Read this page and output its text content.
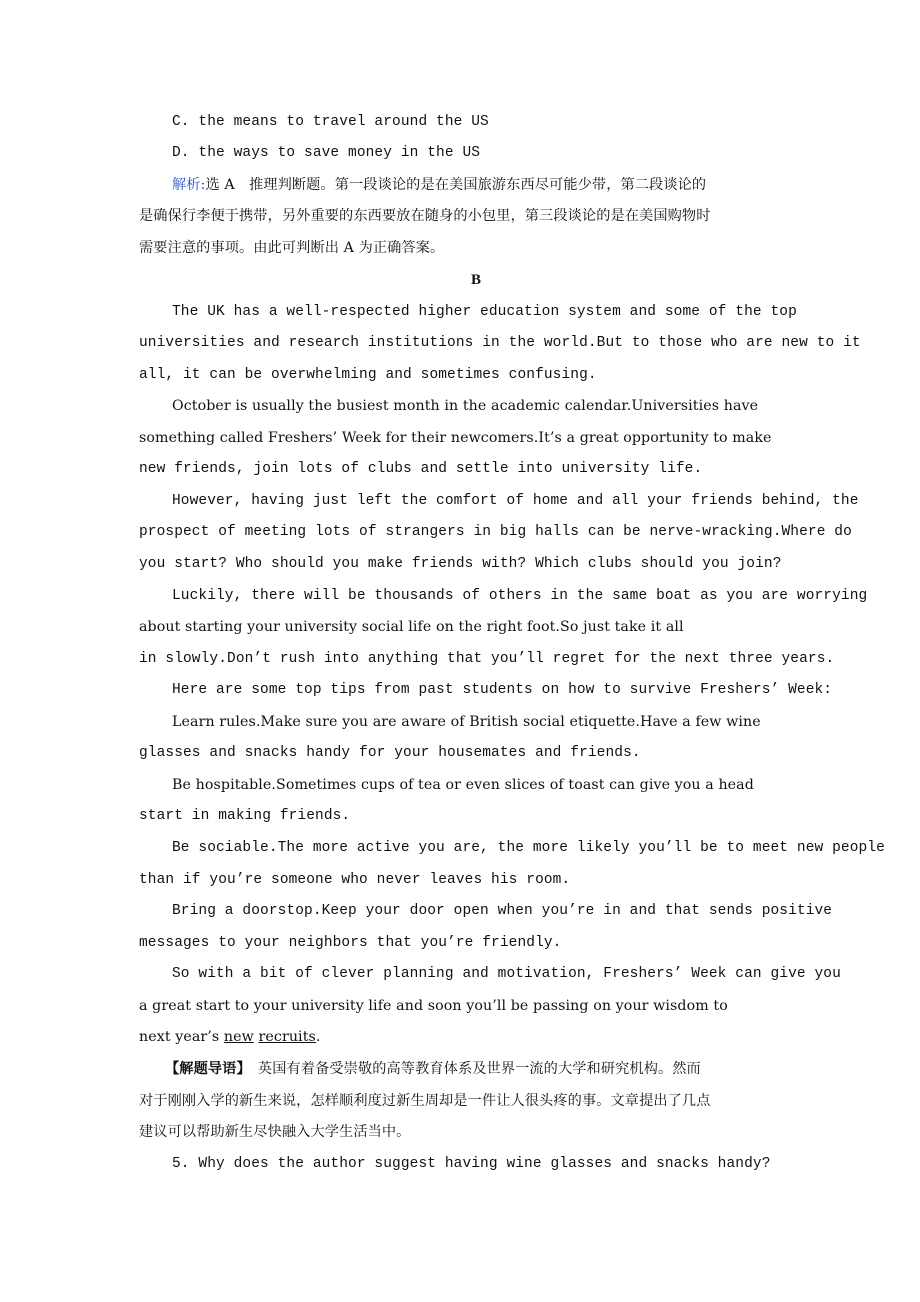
C. the means to travel around the US
D. the ways to save money in the US
解析:选 A　推理判断题。第一段谈论的是在美国旅游东西尽可能少带，第二段谈论的
是确保行李便于携带，另外重要的东西要放在随身的小包里，第三段谈论的是在美国购物时
需要注意的事项。由此可判断出 A 为正确答案。
B
The UK has a well-respected higher education system and some of the top
universities and research institutions in the world.But to those who are new to it
all, it can be overwhelming and sometimes confusing.
October is usually the busiest month in the academic calendar.Universities have
something called Freshers’ Week for their newcomers.It’s a great opportunity to make
new friends, join lots of clubs and settle into university life.
However, having just left the comfort of home and all your friends behind, the
prospect of meeting lots of strangers in big halls can be nerve-wracking.Where do
you start? Who should you make friends with? Which clubs should you join?
Luckily, there will be thousands of others in the same boat as you are worrying
about starting your university social life on the right foot.So just take it all
in slowly.Don’t rush into anything that you’ll regret for the next three years.
Here are some top tips from past students on how to survive Freshers’ Week:
Learn rules.Make sure you are aware of British social etiquette.Have a few wine
glasses and snacks handy for your housemates and friends.
Be hospitable.Sometimes cups of tea or even slices of toast can give you a head
start in making friends.
Be sociable.The more active you are, the more likely you’ll be to meet new people
than if you’re someone who never leaves his room.
Bring a doorstop.Keep your door open when you’re in and that sends positive
messages to your neighbors that you’re friendly.
So with a bit of clever planning and motivation, Freshers’ Week can give you
a great start to your university life and soon you’ll be passing on your wisdom to
next year’s new recruits.
【解题导语】　英国有着备受崇敬的高等教育体系及世界一流的大学和研究机构。然而
对于刚刚入学的新生来说，怎样顺利度过新生周却是一件让人很头疼的事。文章提出了几点
建议可以帮助新生尽快融入大学生活当中。
5. Why does the author suggest having wine glasses and snacks handy?
